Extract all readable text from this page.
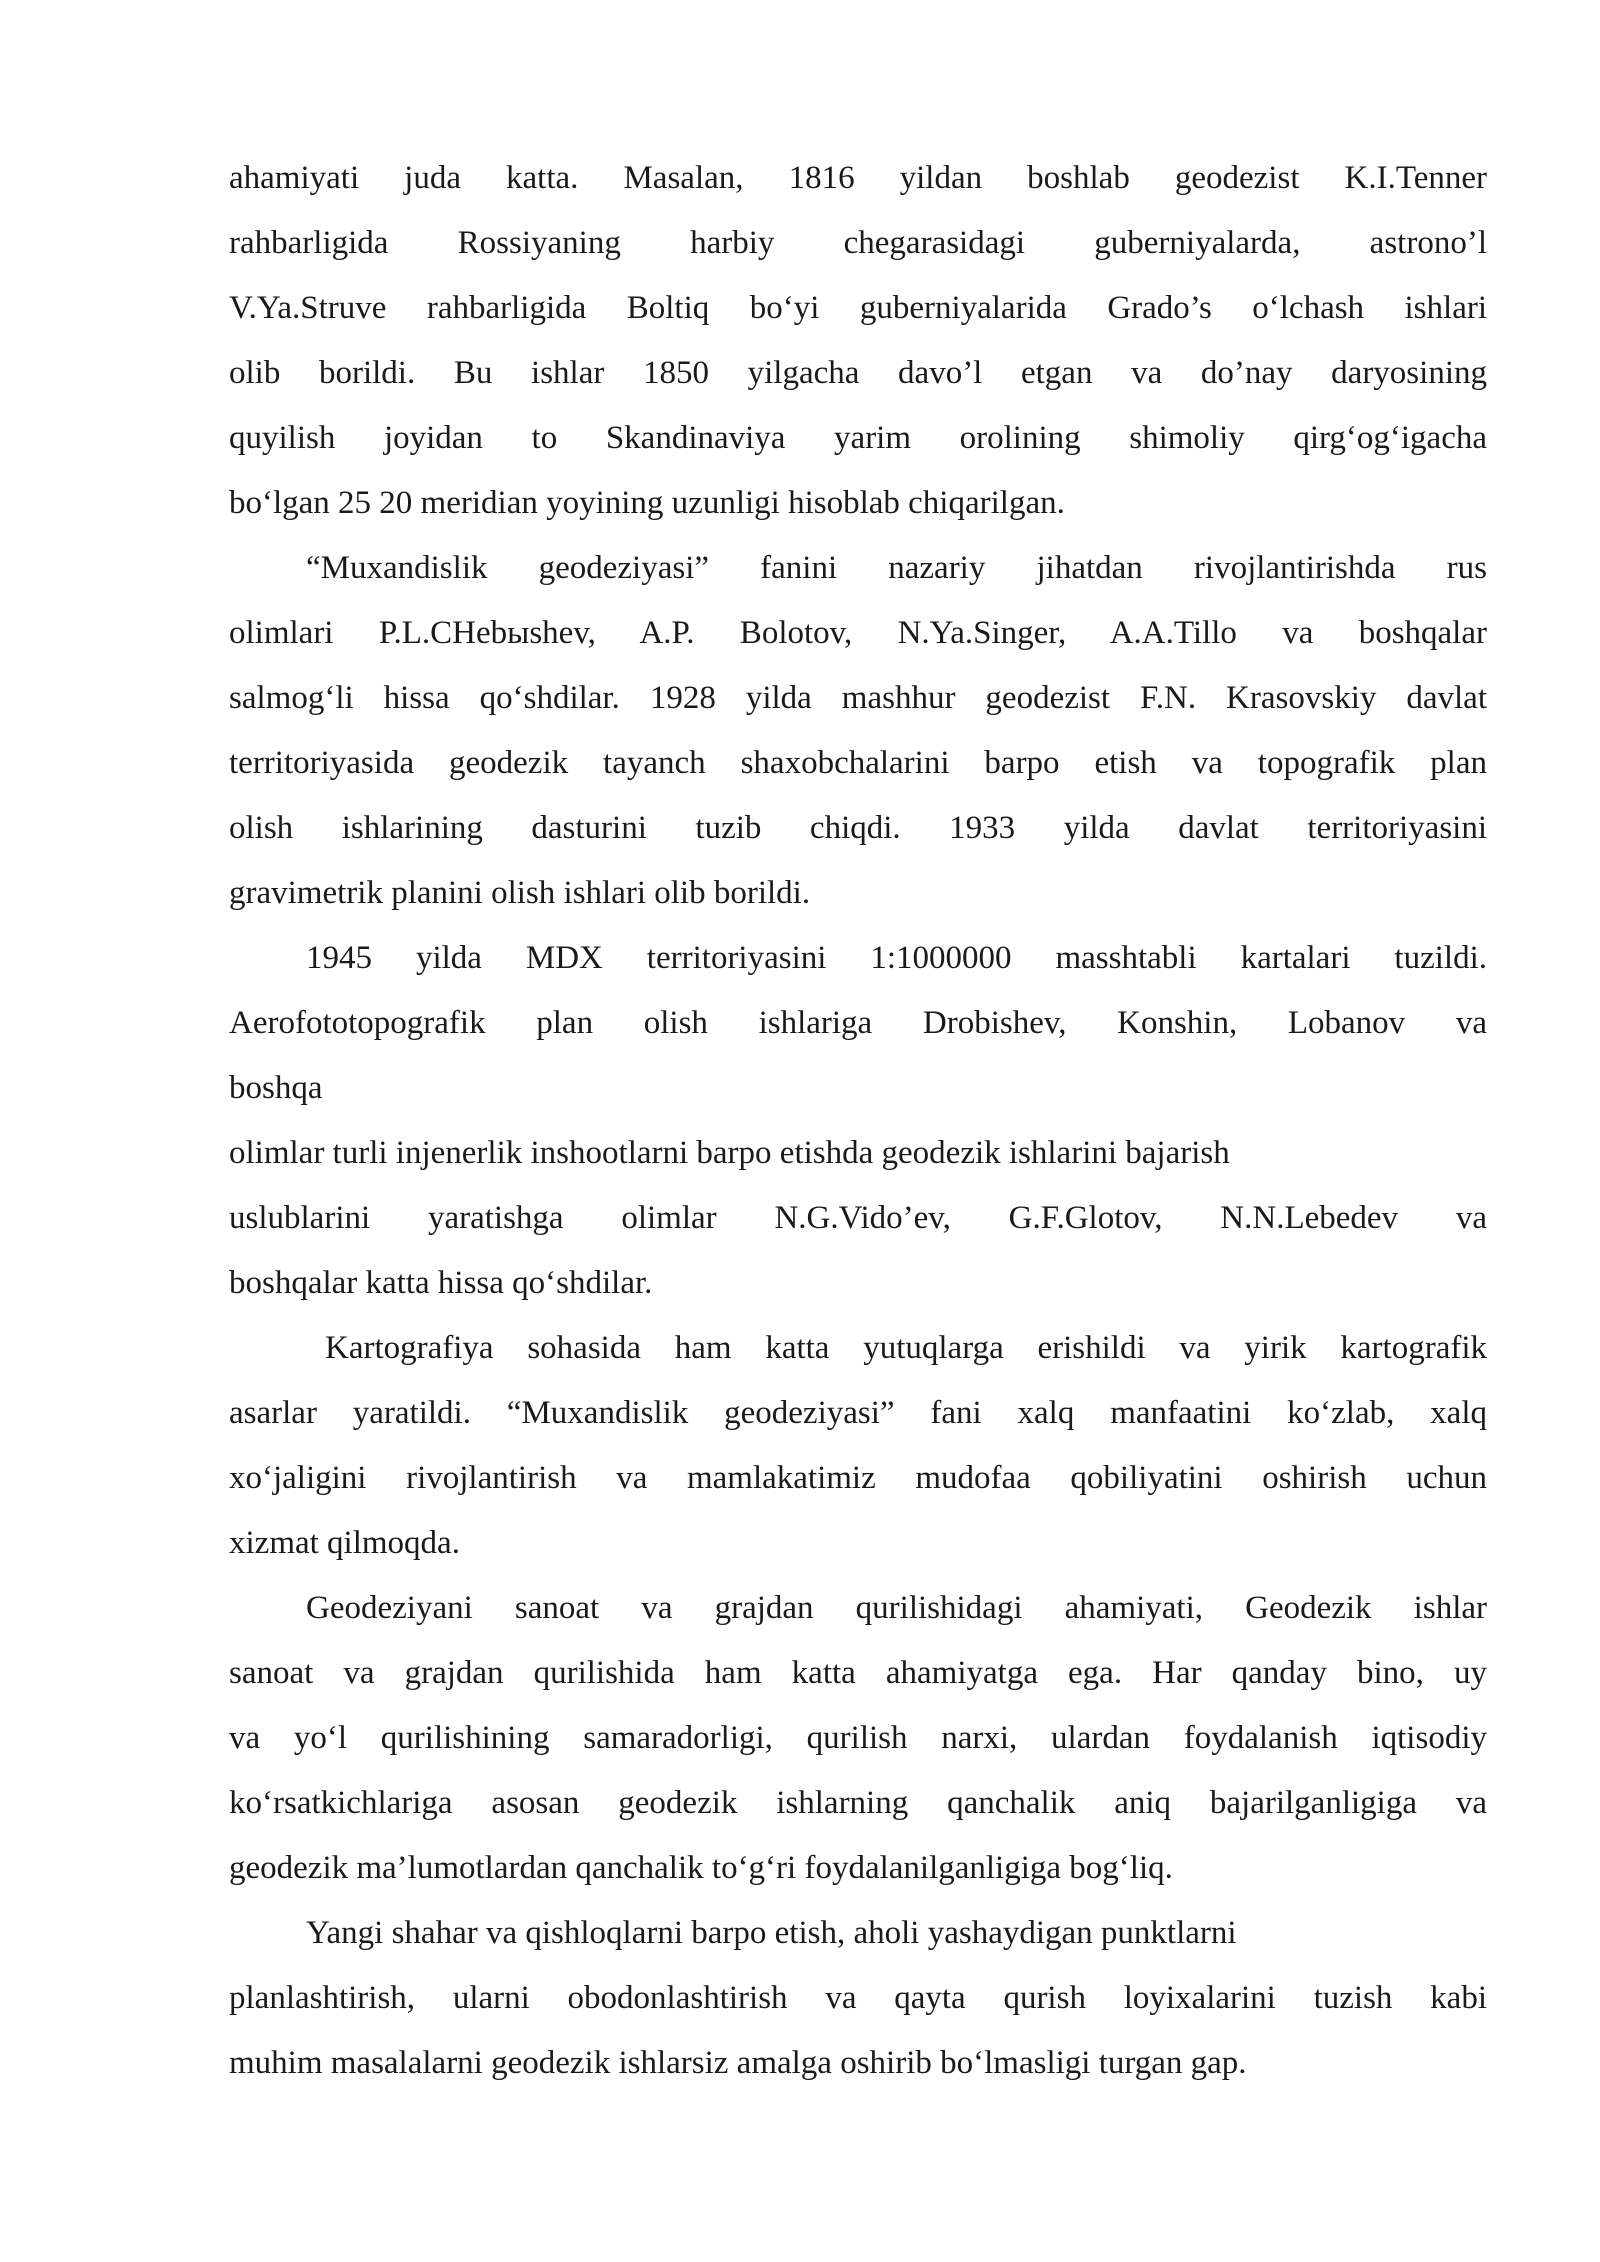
ahamiyati juda katta. Masalan, 1816 yildan boshlab geodezist K.I.Tenner
rahbarligida Rossiyaning harbiy chegarasidagi guberniyalarda, astrono’l
V.Ya.Struve rahbarligida Boltiq bo‘yi guberniyalarida Grado’s o‘lchash ishlari
olib borildi. Bu ishlar 1850 yilgacha davo’l etgan va do’nay daryosining
quyilish joyidan to Skandinaviya yarim orolining shimoliy qirg‘og‘igacha
bo‘lgan 25 20 meridian yoyining uzunligi hisoblab chiqarilgan.
“Muxandislik geodeziyasi” fanini nazariy jihatdan rivojlantirishda rus
olimlari P.L.CHebыshev, A.P. Bolotov, N.Ya.Singer, A.A.Tillo va boshqalar
salmog‘li hissa qo‘shdilar. 1928 yilda mashhur geodezist F.N. Krasovskiy davlat
territoriyasida geodezik tayanch shaxobchalarini barpo etish va topografik plan
olish ishlarining dasturini tuzib chiqdi. 1933 yilda davlat territoriyasini
gravimetrik planini olish ishlari olib borildi.
1945 yilda MDX territoriyasini 1:1000000 masshtabli kartalari tuzildi.
Aerofototopografik plan olish ishlariga Drobishev, Konshin, Lobanov va
boshqa
olimlar turli injenerlik inshootlarni barpo etishda geodezik ishlarini bajarish
uslublarini yaratishga olimlar N.G.Vido’ev, G.F.Glotov, N.N.Lebedev va
boshqalar katta hissa qo‘shdilar.
Kartografiya sohasida ham katta yutuqlarga erishildi va yirik kartografik
asarlar yaratildi. “Muxandislik geodeziyasi” fani xalq manfaatini ko‘zlab, xalq
xo‘jaligini rivojlantirish va mamlakatimiz mudofaa qobiliyatini oshirish uchun
xizmat qilmoqda.
Geodeziyani sanoat va grajdan qurilishidagi ahamiyati, Geodezik ishlar
sanoat va grajdan qurilishida ham katta ahamiyatga ega. Har qanday bino, uy
va yo‘l qurilishining samaradorligi, qurilish narxi, ulardan foydalanish iqtisodiy
ko‘rsatkichlariga asosan geodezik ishlarning qanchalik aniq bajarilganligiga va
geodezik ma’lumotlardan qanchalik to‘g‘ri foydalanilganligiga bog‘liq.
Yangi shahar va qishloqlarni barpo etish, aholi yashaydigan punktlarni
planlashtirish, ularni obodonlashtirish va qayta qurish loyixalarini tuzish kabi
muhim masalalarni geodezik ishlarsiz amalga oshirib bo‘lmasligi turgan gap.
